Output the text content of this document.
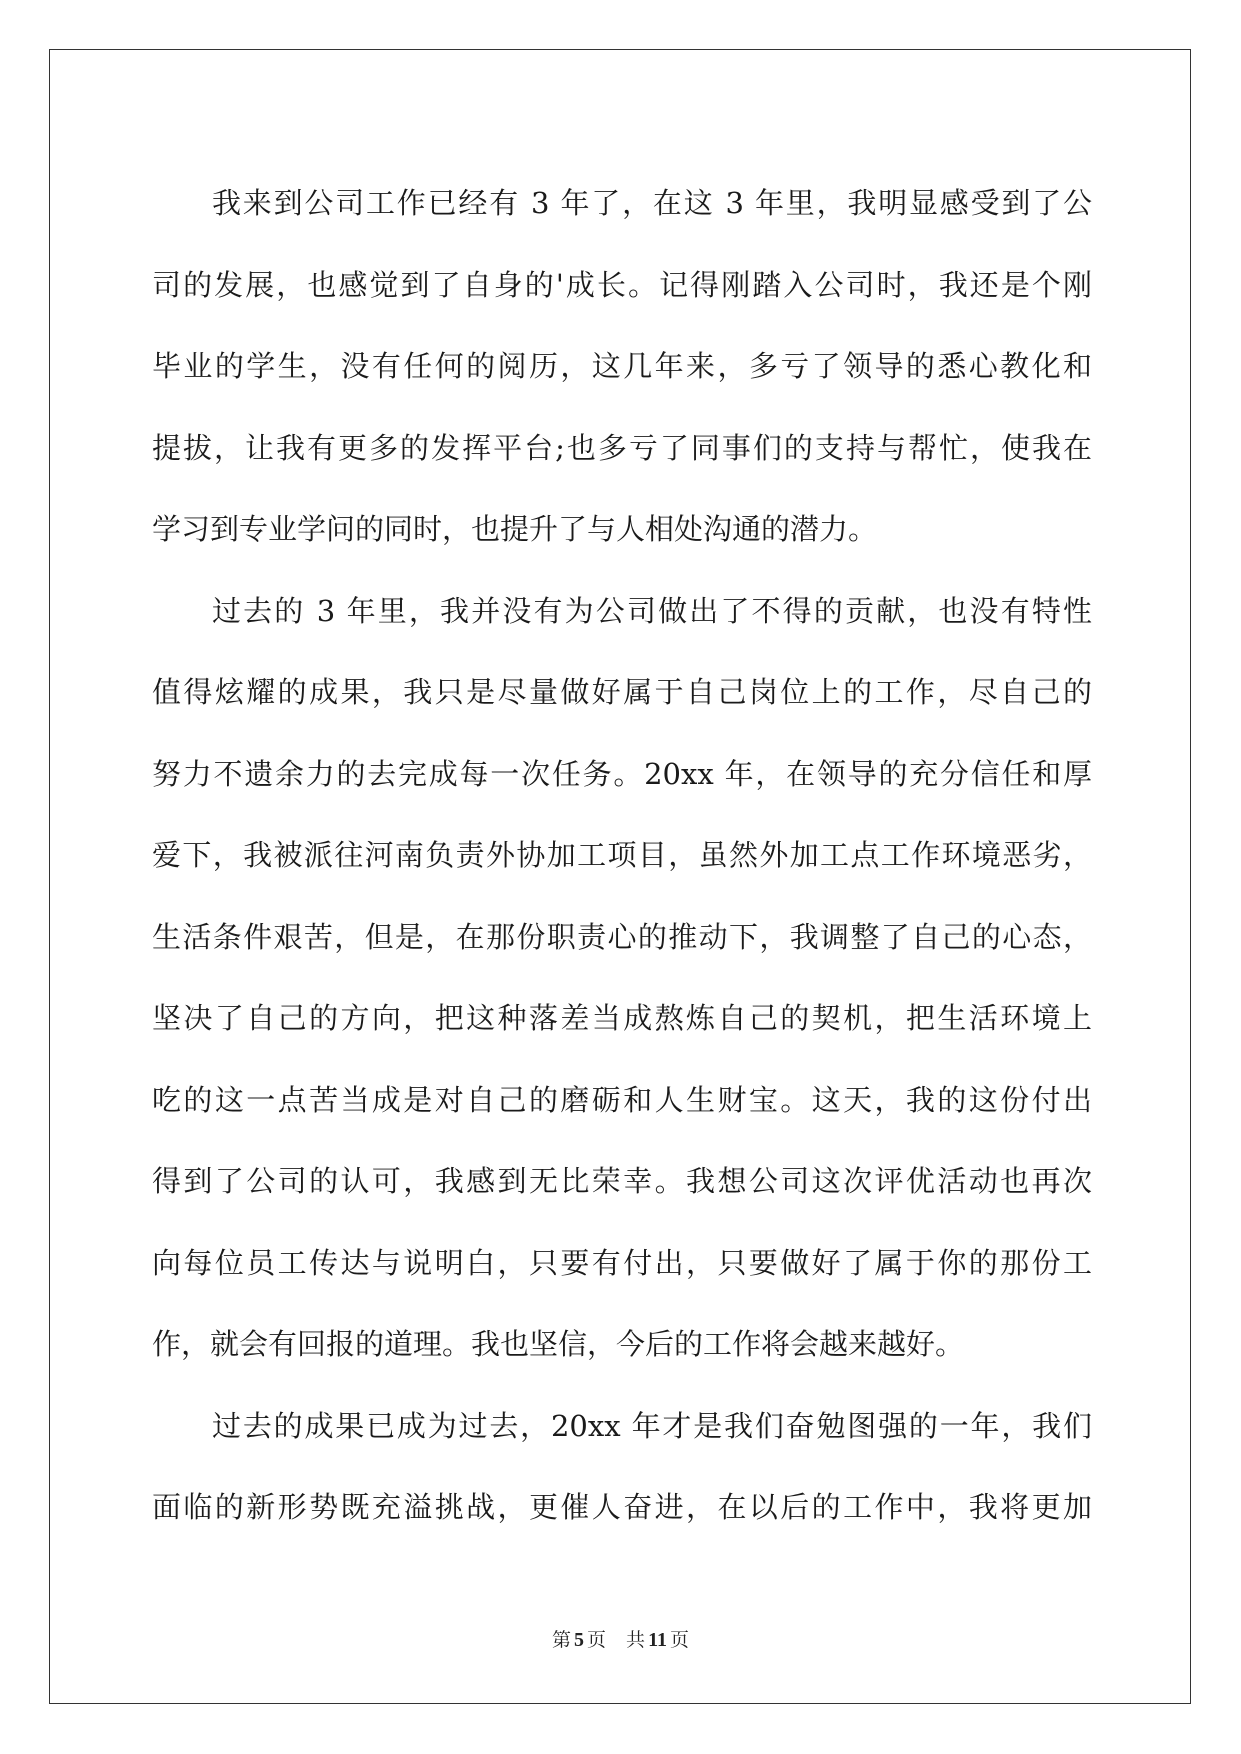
我来到公司工作已经有 3 年了，在这 3 年里，我明显感受到了公
司的发展，也感觉到了自身的'成长。记得刚踏入公司时，我还是个刚
毕业的学生，没有任何的阅历，这几年来，多亏了领导的悉心教化和
提拔，让我有更多的发挥平台;也多亏了同事们的支持与帮忙，使我在
学习到专业学问的同时，也提升了与人相处沟通的潜力。
过去的 3 年里，我并没有为公司做出了不得的贡献，也没有特性
值得炫耀的成果，我只是尽量做好属于自己岗位上的工作，尽自己的
努力不遗余力的去完成每一次任务。20xx 年，在领导的充分信任和厚
爱下，我被派往河南负责外协加工项目，虽然外加工点工作环境恶劣，
生活条件艰苦，但是，在那份职责心的推动下，我调整了自己的心态，
坚决了自己的方向，把这种落差当成熬炼自己的契机，把生活环境上
吃的这一点苦当成是对自己的磨砺和人生财宝。这天，我的这份付出
得到了公司的认可，我感到无比荣幸。我想公司这次评优活动也再次
向每位员工传达与说明白，只要有付出，只要做好了属于你的那份工
作，就会有回报的道理。我也坚信，今后的工作将会越来越好。
过去的成果已成为过去，20xx 年才是我们奋勉图强的一年，我们
面临的新形势既充溢挑战，更催人奋进，在以后的工作中，我将更加
第 5 页 共 11 页
